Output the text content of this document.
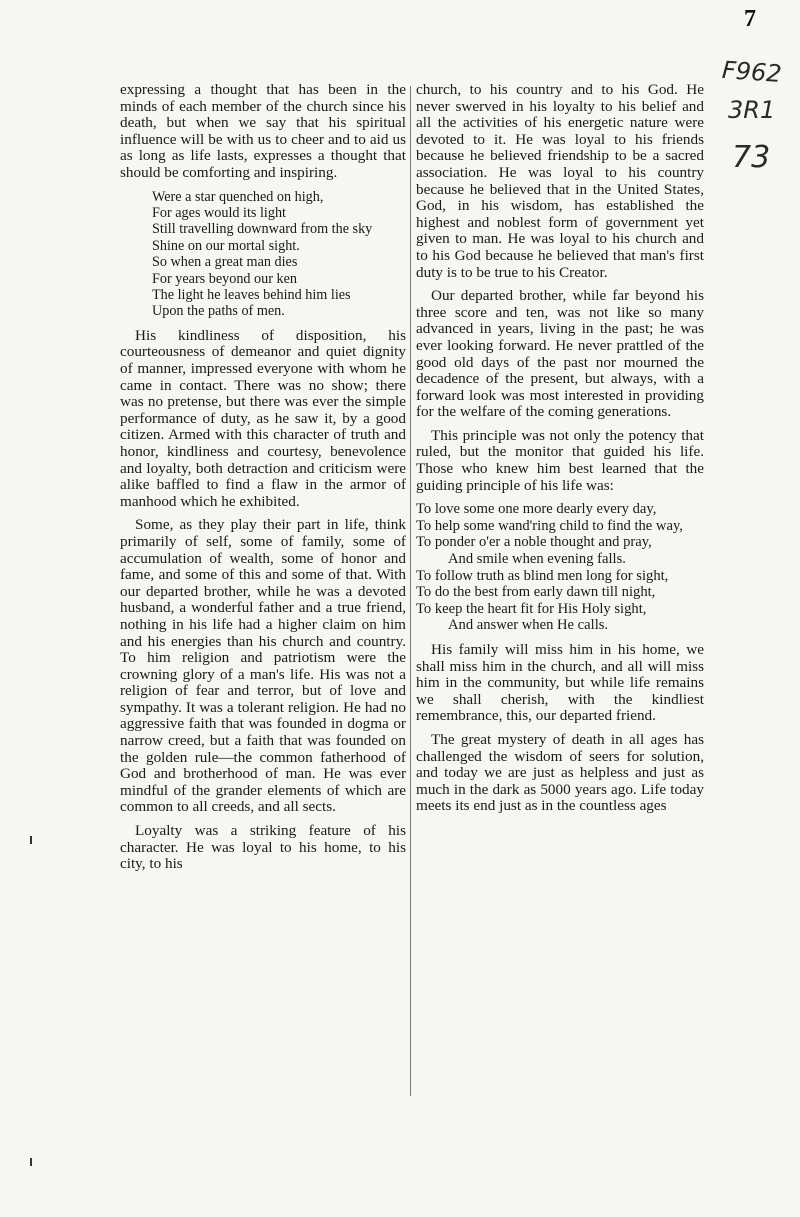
7
F962
3R1
73

expressing a thought that has been in the minds of each member of the church since his death, but when we say that his spiritual influence will be with us to cheer and to aid us as long as life lasts, expresses a thought that should be comforting and inspiring.

Were a star quenched on high,
For ages would its light
Still travelling downward from the sky
Shine on our mortal sight.
So when a great man dies
For years beyond our ken
The light he leaves behind him lies
Upon the paths of men.

His kindliness of disposition, his courteousness of demeanor and quiet dignity of manner, impressed everyone with whom he came in contact. There was no show; there was no pretense, but there was ever the simple performance of duty, as he saw it, by a good citizen. Armed with this character of truth and honor, kindliness and courtesy, benevolence and loyalty, both detraction and criticism were alike baffled to find a flaw in the armor of manhood which he exhibited.

Some, as they play their part in life, think primarily of self, some of family, some of accumulation of wealth, some of honor and fame, and some of this and some of that. With our departed brother, while he was a devoted husband, a wonderful father and a true friend, nothing in his life had a higher claim on him and his energies than his church and country. To him religion and patriotism were the crowning glory of a man's life. His was not a religion of fear and terror, but of love and sympathy. It was a tolerant religion. He had no aggressive faith that was founded in dogma or narrow creed, but a faith that was founded on the golden rule—the common fatherhood of God and brotherhood of man. He was ever mindful of the grander elements of which are common to all creeds, and all sects.

Loyalty was a striking feature of his character. He was loyal to his home, to his city, to his

church, to his country and to his God. He never swerved in his loyalty to his belief and all the activities of his energetic nature were devoted to it. He was loyal to his friends because he believed friendship to be a sacred association. He was loyal to his country because he believed that in the United States, God, in his wisdom, has established the highest and noblest form of government yet given to man. He was loyal to his church and to his God because he believed that man's first duty is to be true to his Creator.

Our departed brother, while far beyond his three score and ten, was not like so many advanced in years, living in the past; he was ever looking forward. He never prattled of the good old days of the past nor mourned the decadence of the present, but always, with a forward look was most interested in providing for the welfare of the coming generations.

This principle was not only the potency that ruled, but the monitor that guided his life. Those who knew him best learned that the guiding principle of his life was:

To love some one more dearly every day,
To help some wand'ring child to find the way,
To ponder o'er a noble thought and pray,
And smile when evening falls.
To follow truth as blind men long for sight,
To do the best from early dawn till night,
To keep the heart fit for His Holy sight,
And answer when He calls.

His family will miss him in his home, we shall miss him in the church, and all will miss him in the community, but while life remains we shall cherish, with the kindliest remembrance, this, our departed friend.

The great mystery of death in all ages has challenged the wisdom of seers for solution, and today we are just as helpless and just as much in the dark as 5000 years ago. Life today meets its end just as in the countless ages
